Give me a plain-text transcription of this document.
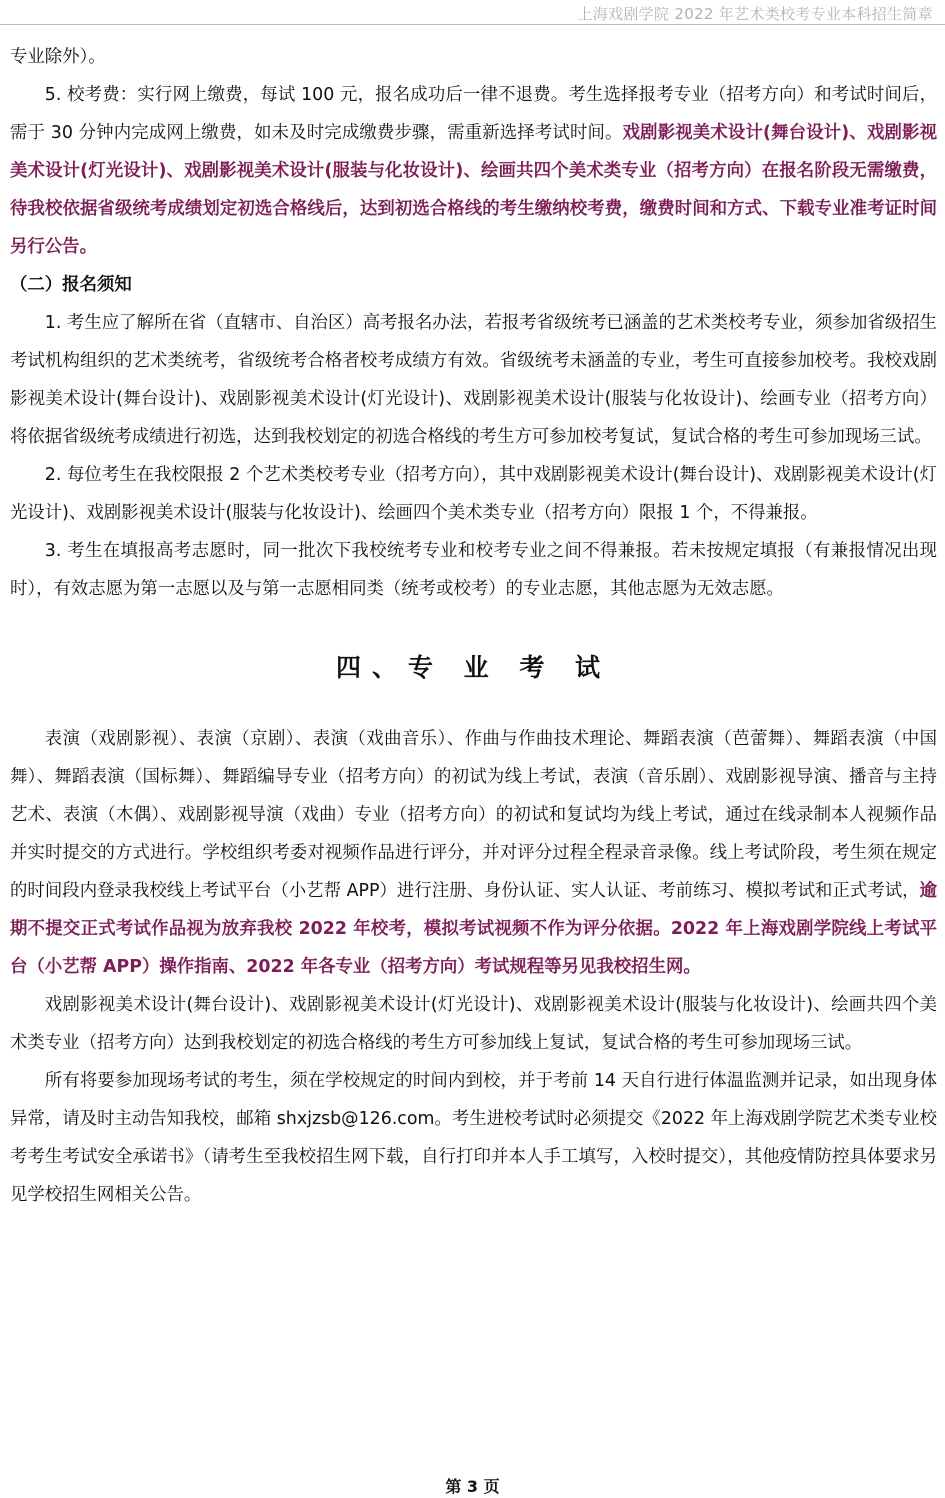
上海戏剧学院 2022 年艺术类校考专业本科招生简章

专业除外）。

5. 校考费：实行网上缴费，每试 100 元，报名成功后一律不退费。考生选择报考专业（招考方向）和考试时间后，需于 30 分钟内完成网上缴费，如未及时完成缴费步骤，需重新选择考试时间。戏剧影视美术设计(舞台设计)、戏剧影视美术设计(灯光设计)、戏剧影视美术设计(服装与化妆设计)、绘画共四个美术类专业（招考方向）在报名阶段无需缴费，待我校依据省级统考成绩划定初选合格线后，达到初选合格线的考生缴纳校考费，缴费时间和方式、下载专业准考证时间另行公告。

（二）报名须知

1. 考生应了解所在省（直辖市、自治区）高考报名办法，若报考省级统考已涵盖的艺术类校考专业，须参加省级招生考试机构组织的艺术类统考，省级统考合格者校考成绩方有效。省级统考未涵盖的专业，考生可直接参加校考。我校戏剧影视美术设计(舞台设计)、戏剧影视美术设计(灯光设计)、戏剧影视美术设计(服装与化妆设计)、绘画专业（招考方向）将依据省级统考成绩进行初选，达到我校划定的初选合格线的考生方可参加校考复试，复试合格的考生可参加现场三试。

2. 每位考生在我校限报 2 个艺术类校考专业（招考方向），其中戏剧影视美术设计(舞台设计)、戏剧影视美术设计(灯光设计)、戏剧影视美术设计(服装与化妆设计)、绘画四个美术类专业（招考方向）限报 1 个，不得兼报。

3. 考生在填报高考志愿时，同一批次下我校统考专业和校考专业之间不得兼报。若未按规定填报（有兼报情况出现时），有效志愿为第一志愿以及与第一志愿相同类（统考或校考）的专业志愿，其他志愿为无效志愿。

四、专 业 考 试

表演（戏剧影视）、表演（京剧）、表演（戏曲音乐）、作曲与作曲技术理论、舞蹈表演（芭蕾舞）、舞蹈表演（中国舞）、舞蹈表演（国标舞）、舞蹈编导专业（招考方向）的初试为线上考试，表演（音乐剧）、戏剧影视导演、播音与主持艺术、表演（木偶）、戏剧影视导演（戏曲）专业（招考方向）的初试和复试均为线上考试，通过在线录制本人视频作品并实时提交的方式进行。学校组织考委对视频作品进行评分，并对评分过程全程录音录像。线上考试阶段，考生须在规定的时间段内登录我校线上考试平台（小艺帮 APP）进行注册、身份认证、实人认证、考前练习、模拟考试和正式考试，逾期不提交正式考试作品视为放弃我校 2022 年校考，模拟考试视频不作为评分依据。2022 年上海戏剧学院线上考试平台（小艺帮 APP）操作指南、2022 年各专业（招考方向）考试规程等另见我校招生网。

戏剧影视美术设计(舞台设计)、戏剧影视美术设计(灯光设计)、戏剧影视美术设计(服装与化妆设计)、绘画共四个美术类专业（招考方向）达到我校划定的初选合格线的考生方可参加线上复试，复试合格的考生可参加现场三试。

所有将要参加现场考试的考生，须在学校规定的时间内到校，并于考前 14 天自行进行体温监测并记录，如出现身体异常，请及时主动告知我校，邮箱 shxjzsb@126.com。考生进校考试时必须提交《2022 年上海戏剧学院艺术类专业校考考生考试安全承诺书》（请考生至我校招生网下载，自行打印并本人手工填写，入校时提交），其他疫情防控具体要求另见学校招生网相关公告。

第 3 页
